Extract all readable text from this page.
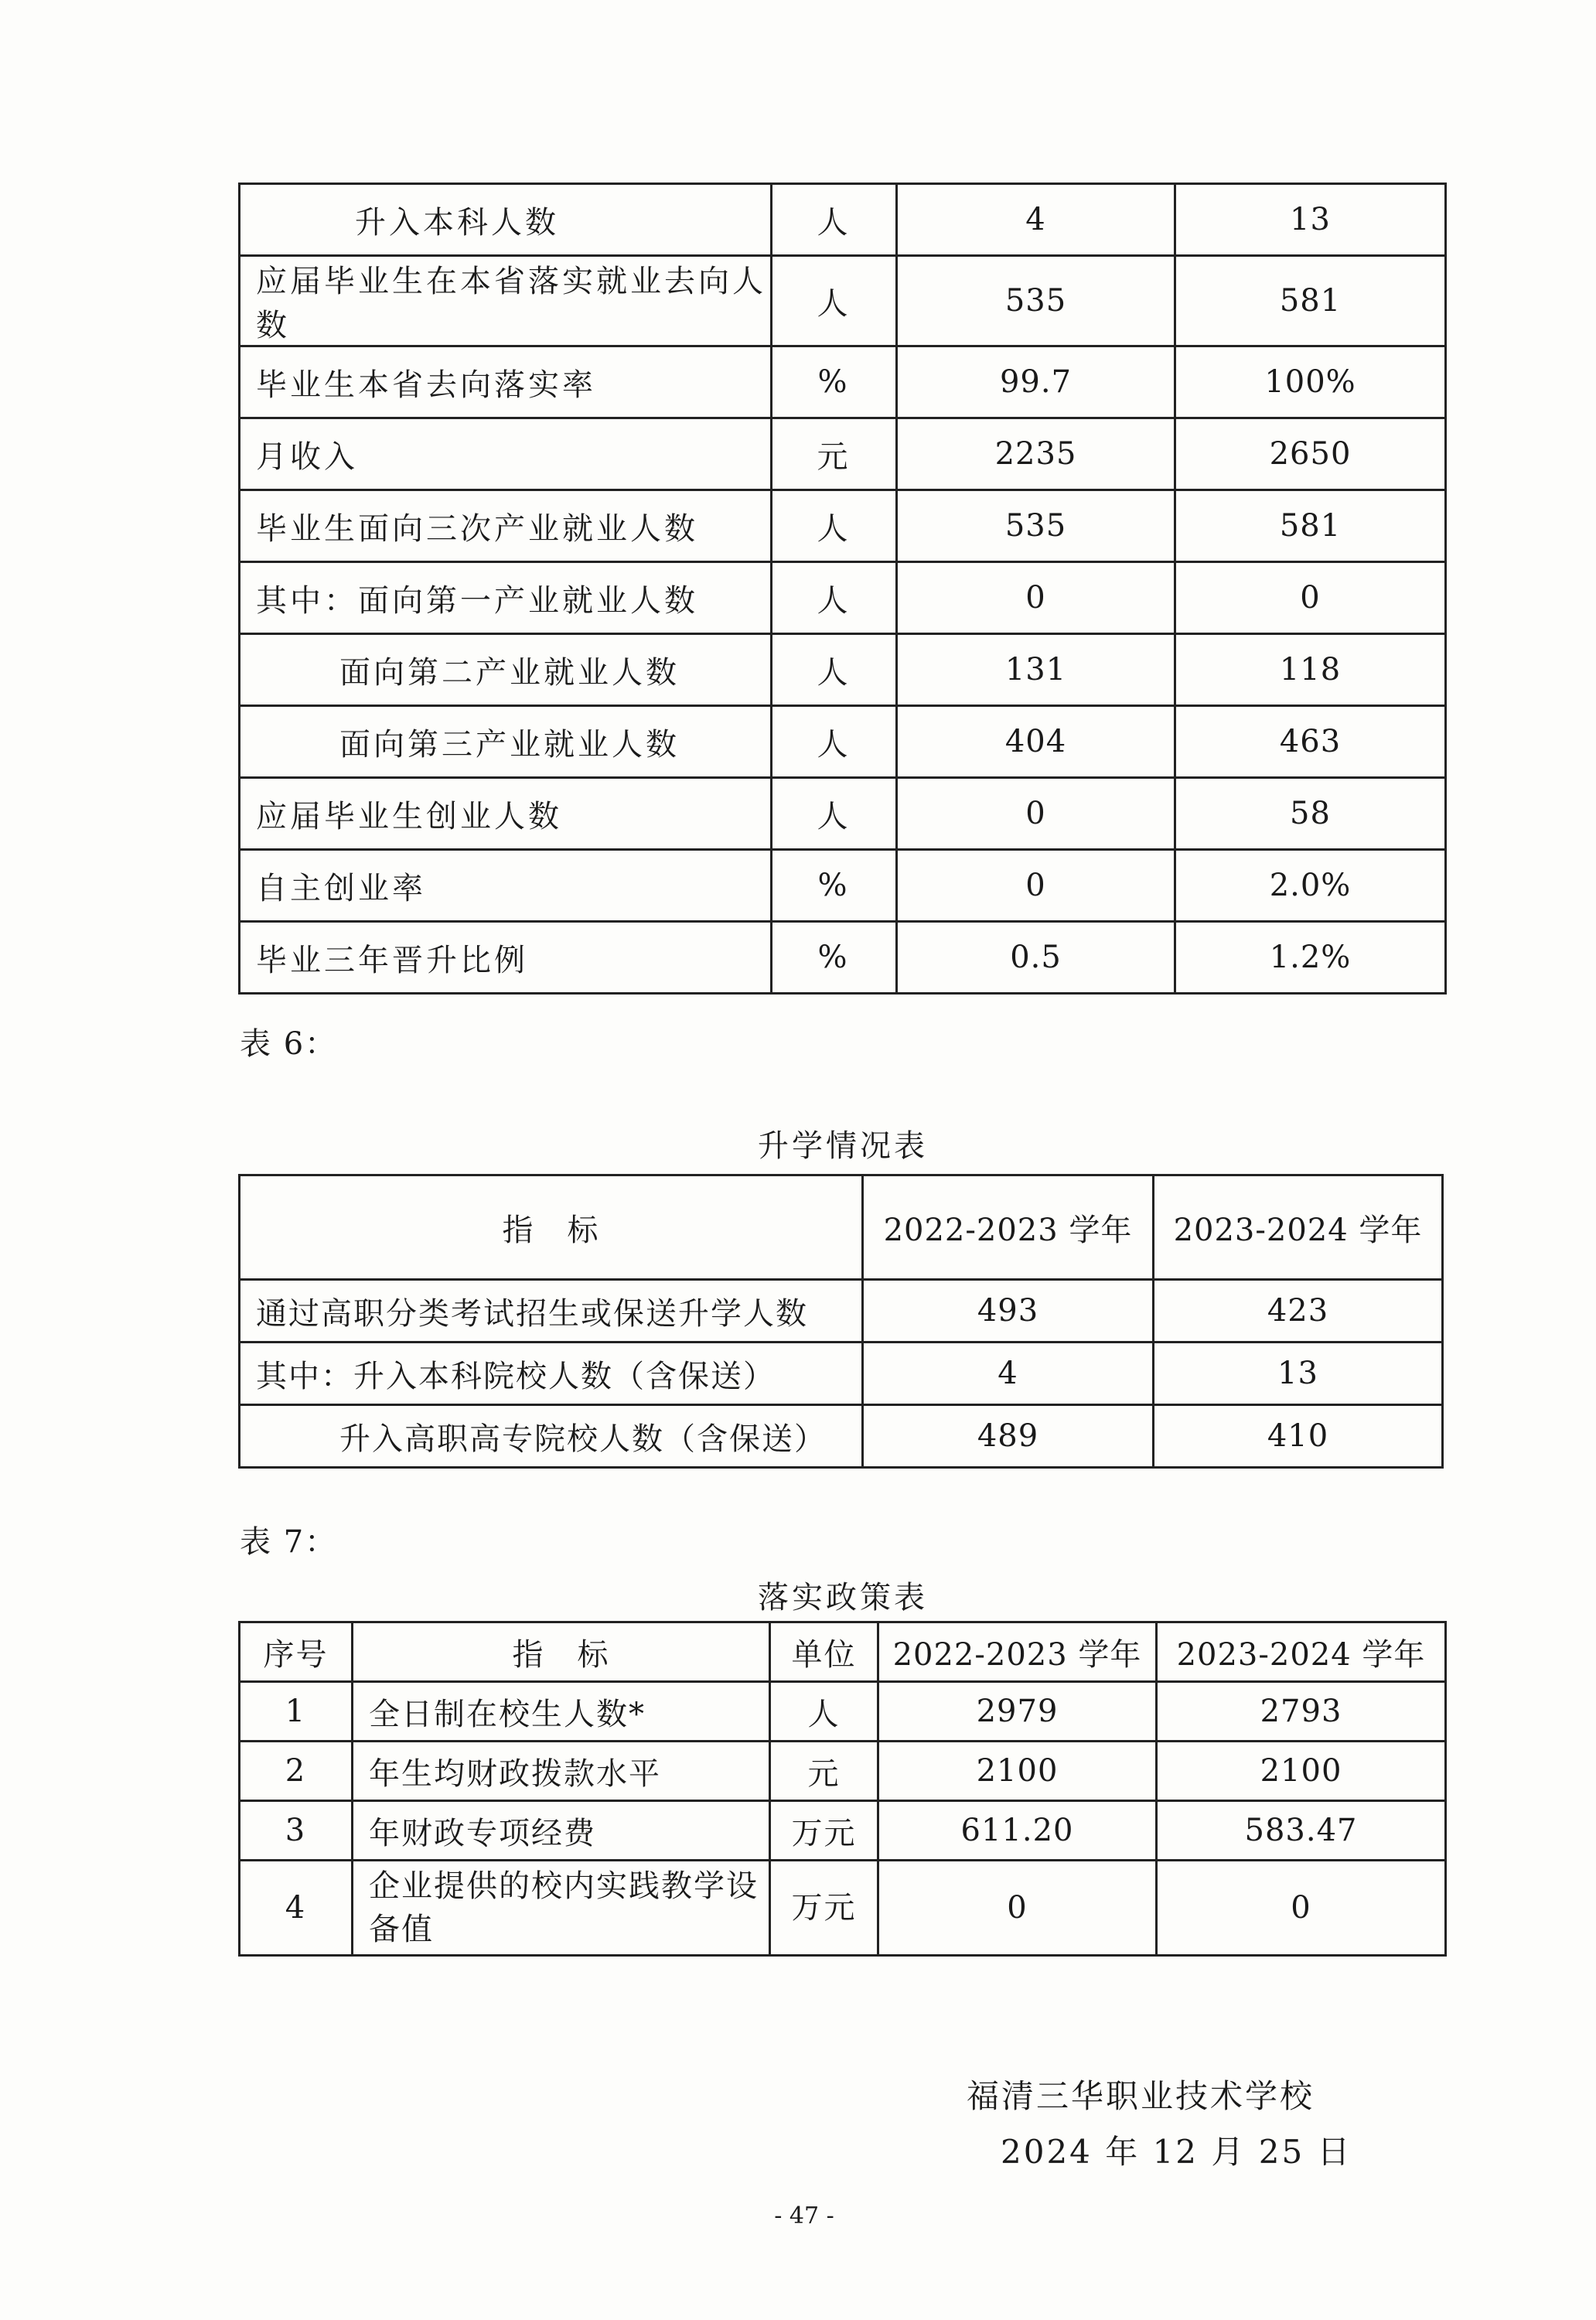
升入本科人数	人	4	13
应届毕业生在本省落实就业去向人数	人	535	581
毕业生本省去向落实率	%	99.7	100%
月收入	元	2235	2650
毕业生面向三次产业就业人数	人	535	581
其中：面向第一产业就业人数	人	0	0
面向第二产业就业人数	人	131	118
面向第三产业就业人数	人	404	463
应届毕业生创业人数	人	0	58
自主创业率	%	0	2.0%
毕业三年晋升比例	%	0.5	1.2%
表 6：
升学情况表
指　标	2022-2023 学年	2023-2024 学年
通过高职分类考试招生或保送升学人数	493	423
其中：升入本科院校人数（含保送）	4	13
升入高职高专院校人数（含保送）	489	410
表 7：
落实政策表
序号	指　标	单位	2022-2023 学年	2023-2024 学年
1	全日制在校生人数*	人	2979	2793
2	年生均财政拨款水平	元	2100	2100
3	年财政专项经费	万元	611.20	583.47
4	企业提供的校内实践教学设备值	万元	0	0
福清三华职业技术学校
2024 年 12 月 25 日
- 47 -
